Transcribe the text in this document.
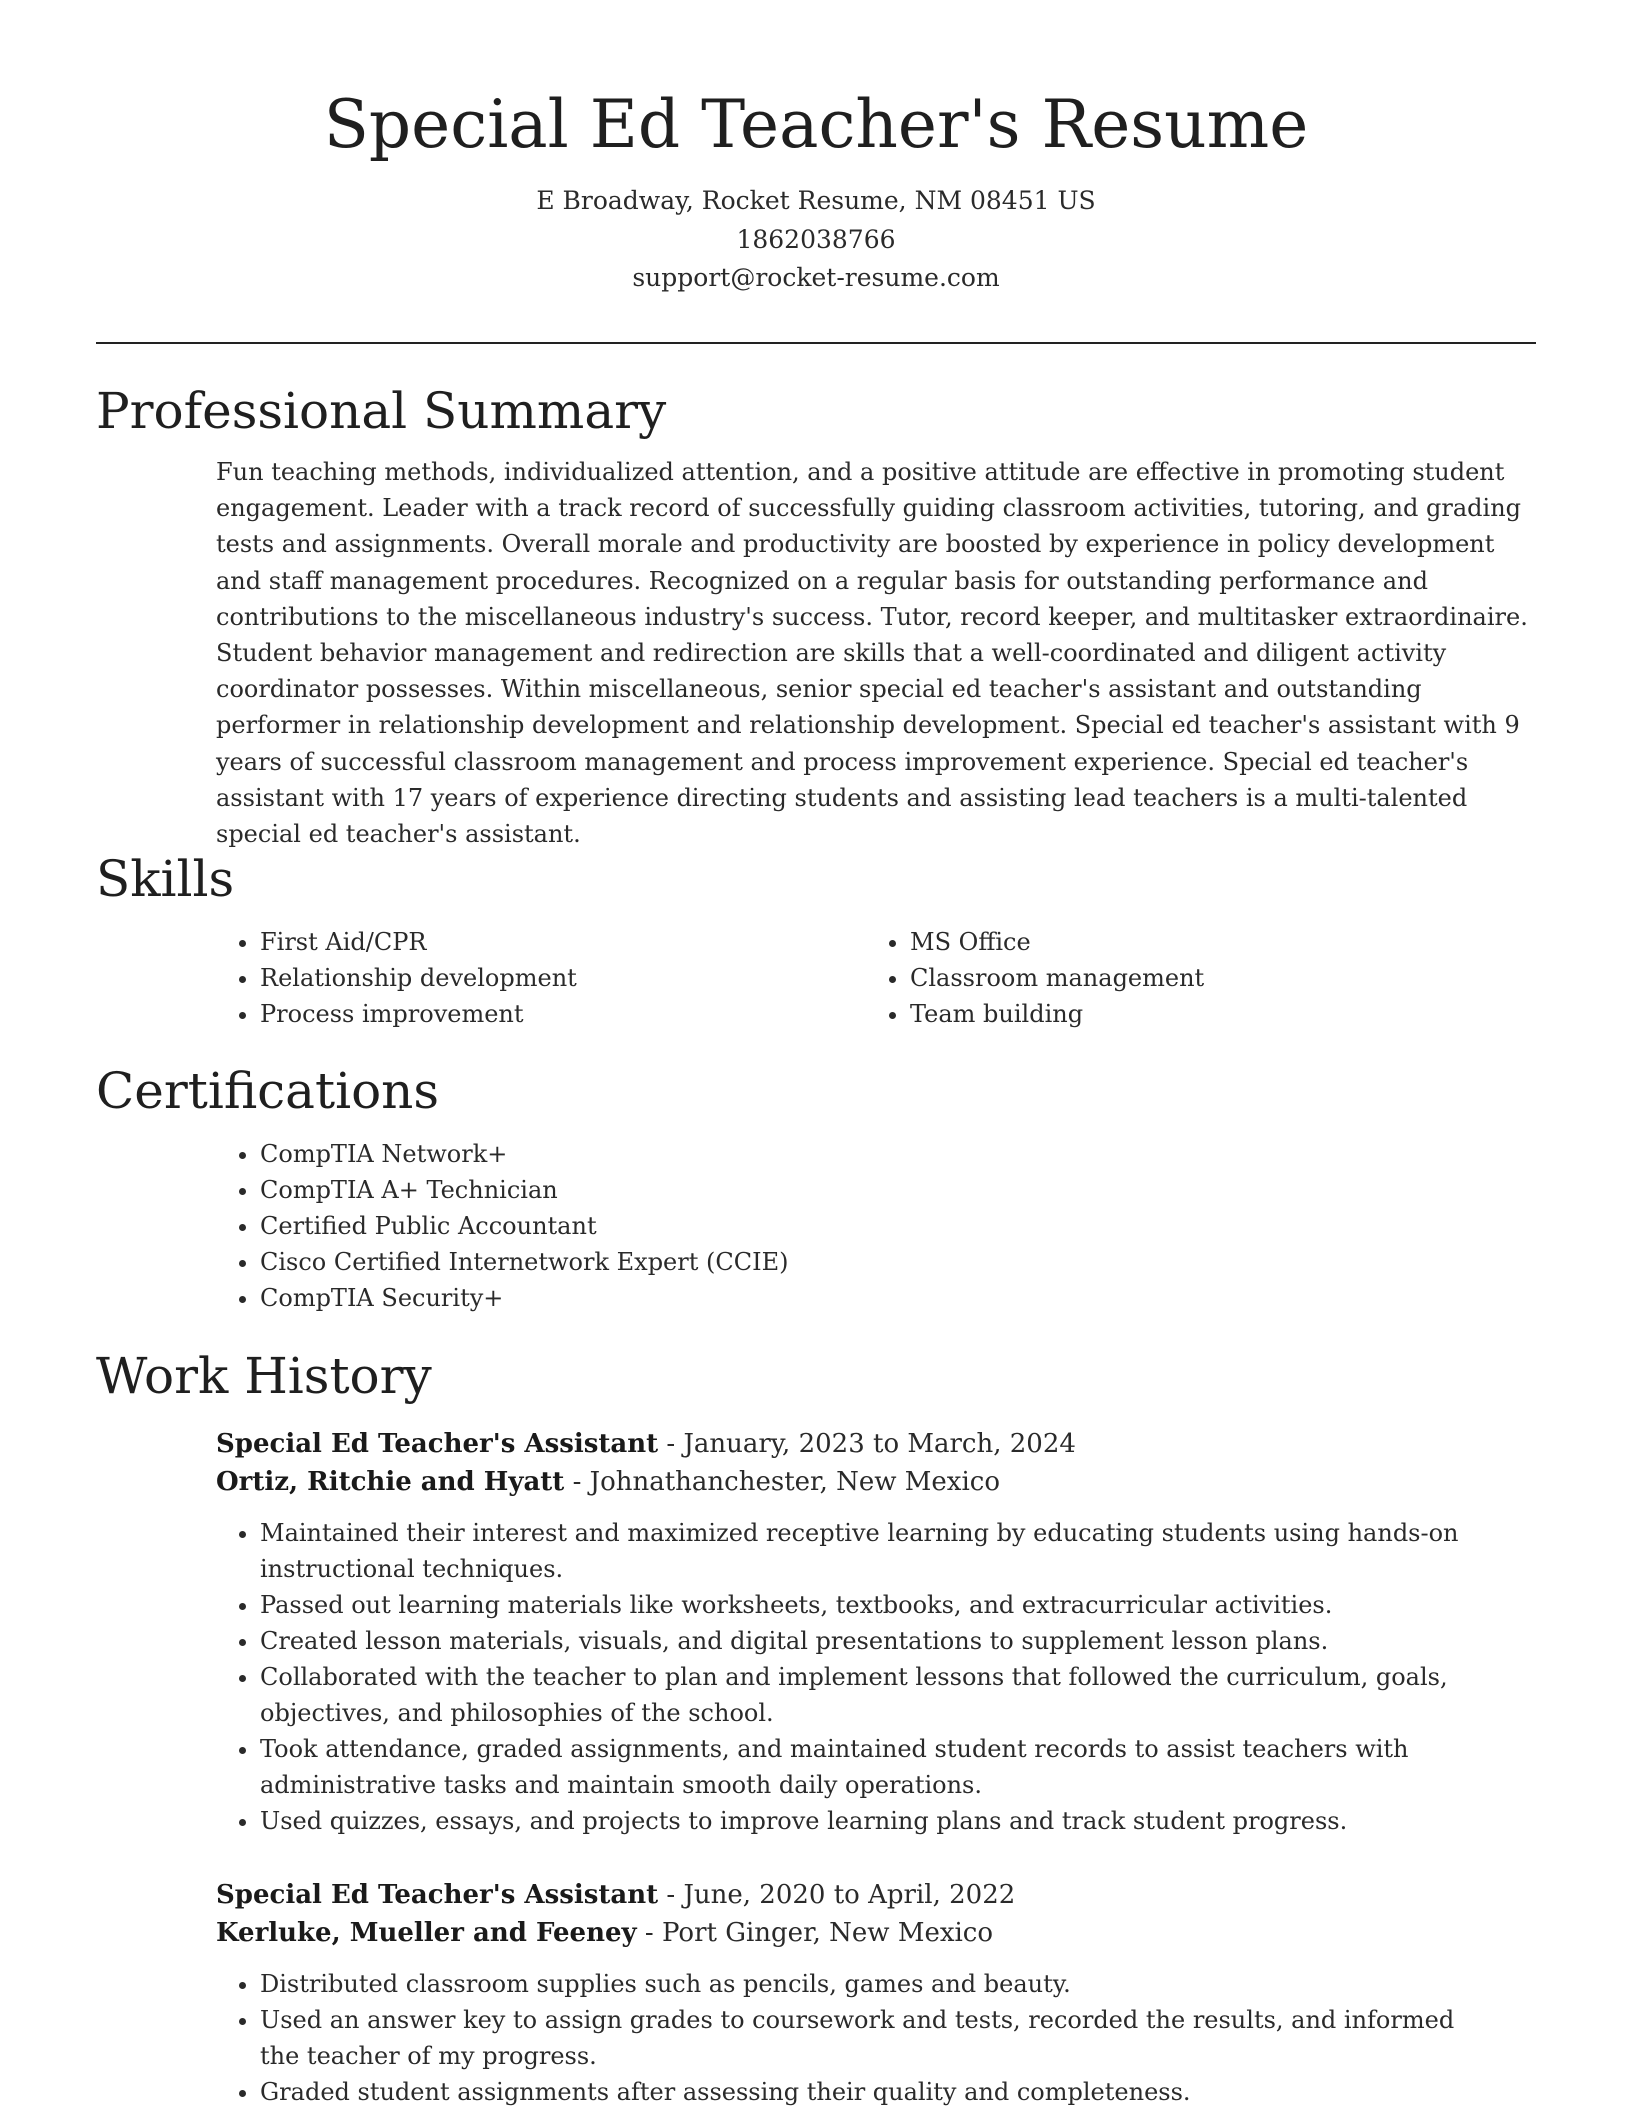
Special Ed Teacher's Resume
E Broadway, Rocket Resume, NM 08451 US
1862038766
support@rocket-resume.com
Professional Summary

Fun teaching methods, individualized attention, and a positive attitude are effective in promoting student engagement. Leader with a track record of successfully guiding classroom activities, tutoring, and grading tests and assignments. Overall morale and productivity are boosted by experience in policy development and staff management procedures. Recognized on a regular basis for outstanding performance and contributions to the miscellaneous industry's success. Tutor, record keeper, and multitasker extraordinaire. Student behavior management and redirection are skills that a well-coordinated and diligent activity coordinator possesses. Within miscellaneous, senior special ed teacher's assistant and outstanding performer in relationship development and relationship development. Special ed teacher's assistant with 9 years of successful classroom management and process improvement experience. Special ed teacher's assistant with 17 years of experience directing students and assisting lead teachers is a multi-talented special ed teacher's assistant.

Skills
• First Aid/CPR
• Relationship development
• Process improvement
• MS Office
• Classroom management
• Team building
Certifications
• CompTIA Network+
• CompTIA A+ Technician
• Certified Public Accountant
• Cisco Certified Internetwork Expert (CCIE)
• CompTIA Security+
Work History
Special Ed Teacher's Assistant - January, 2023 to March, 2024
Ortiz, Ritchie and Hyatt - Johnathanchester, New Mexico
• Maintained their interest and maximized receptive learning by educating students using hands-on instructional techniques.
• Passed out learning materials like worksheets, textbooks, and extracurricular activities.
• Created lesson materials, visuals, and digital presentations to supplement lesson plans.
• Collaborated with the teacher to plan and implement lessons that followed the curriculum, goals, objectives, and philosophies of the school.
• Took attendance, graded assignments, and maintained student records to assist teachers with administrative tasks and maintain smooth daily operations.
• Used quizzes, essays, and projects to improve learning plans and track student progress.
Special Ed Teacher's Assistant - June, 2020 to April, 2022
Kerluke, Mueller and Feeney - Port Ginger, New Mexico
• Distributed classroom supplies such as pencils, games and beauty.
• Used an answer key to assign grades to coursework and tests, recorded the results, and informed the teacher of my progress.
• Graded student assignments after assessing their quality and completeness.
